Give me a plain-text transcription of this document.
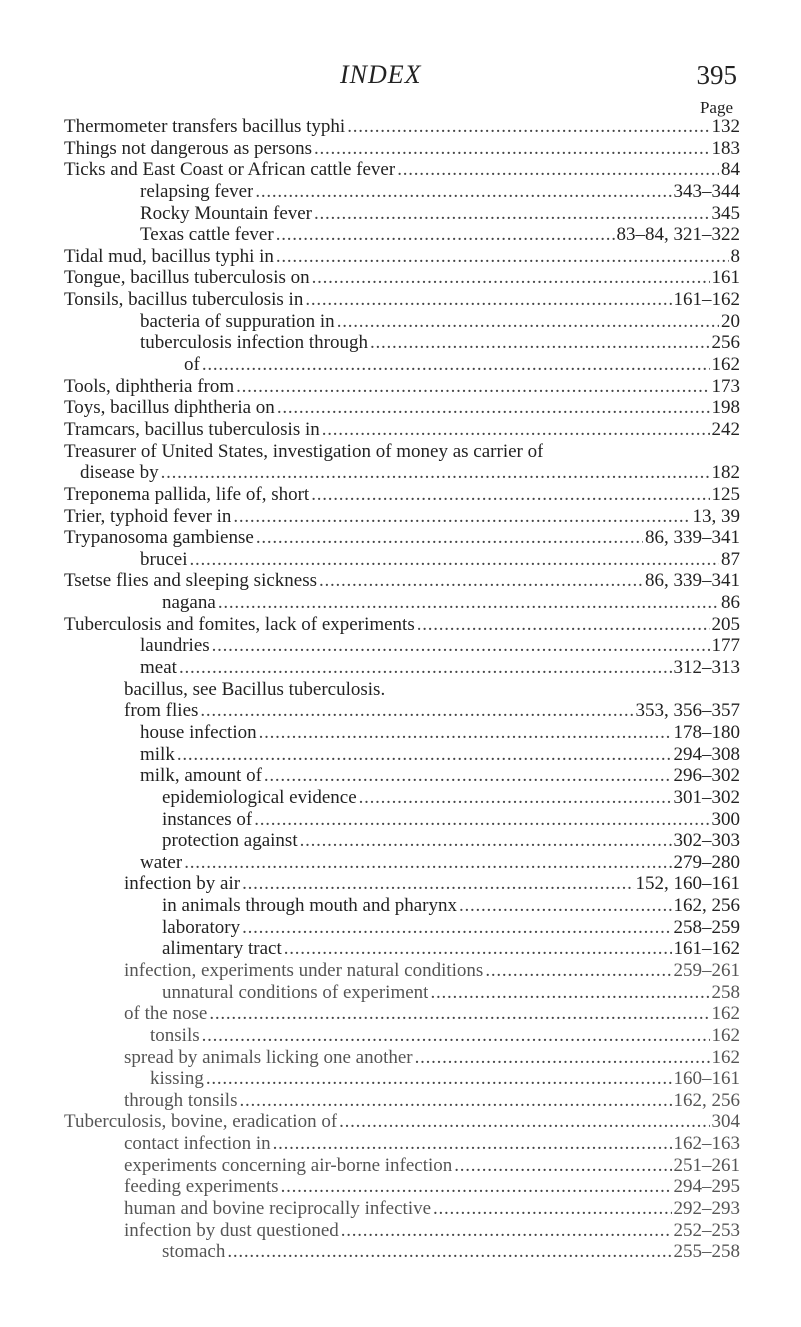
INDEX	395
Page
Thermometer transfers bacillus typhi . . .	132
Things not dangerous as persons . . .	183
Ticks and East Coast or African cattle fever . . .	84
relapsing fever . . .	343–344
Rocky Mountain fever . . .	345
Texas cattle fever . . .	83–84, 321–322
Tidal mud, bacillus typhi in . . .	8
Tongue, bacillus tuberculosis on . . .	161
Tonsils, bacillus tuberculosis in . . .	161–162
bacteria of suppuration in . . .	20
tuberculosis infection through . . .	256
of . . .	162
Tools, diphtheria from . . .	173
Toys, bacillus diphtheria on . . .	198
Tramcars, bacillus tuberculosis in . . .	242
Treasurer of United States, investigation of money as carrier of
disease by . . .	182
Treponema pallida, life of, short . . .	125
Trier, typhoid fever in . . .	13, 39
Trypanosoma gambiense . . .	86, 339–341
brucei . . .	87
Tsetse flies and sleeping sickness . . .	86, 339–341
nagana . . .	86
Tuberculosis and fomites, lack of experiments . . .	205
laundries . . .	177
meat . . .	312–313
bacillus, see Bacillus tuberculosis.
from flies . . .	353, 356–357
house infection . . .	178–180
milk . . .	294–308
milk, amount of . . .	296–302
epidemiological evidence . . .	301–302
instances of . . .	300
protection against . . .	302–303
water . . .	279–280
infection by air . . .	152, 160–161
in animals through mouth and pharynx . . .	162, 256
laboratory . . .	258–259
alimentary tract . . .	161–162
infection, experiments under natural conditions . . .	259–261
unnatural conditions of experiment . . .	258
of the nose . . .	162
tonsils . . .	162
spread by animals licking one another . . .	162
kissing . . .	160–161
through tonsils . . .	162, 256
Tuberculosis, bovine, eradication of . . .	304
contact infection in . . .	162–163
experiments concerning air-borne infection . . .	251–261
feeding experiments . . .	294–295
human and bovine reciprocally infective . . .	292–293
infection by dust questioned . . .	252–253
stomach . . .	255–258
